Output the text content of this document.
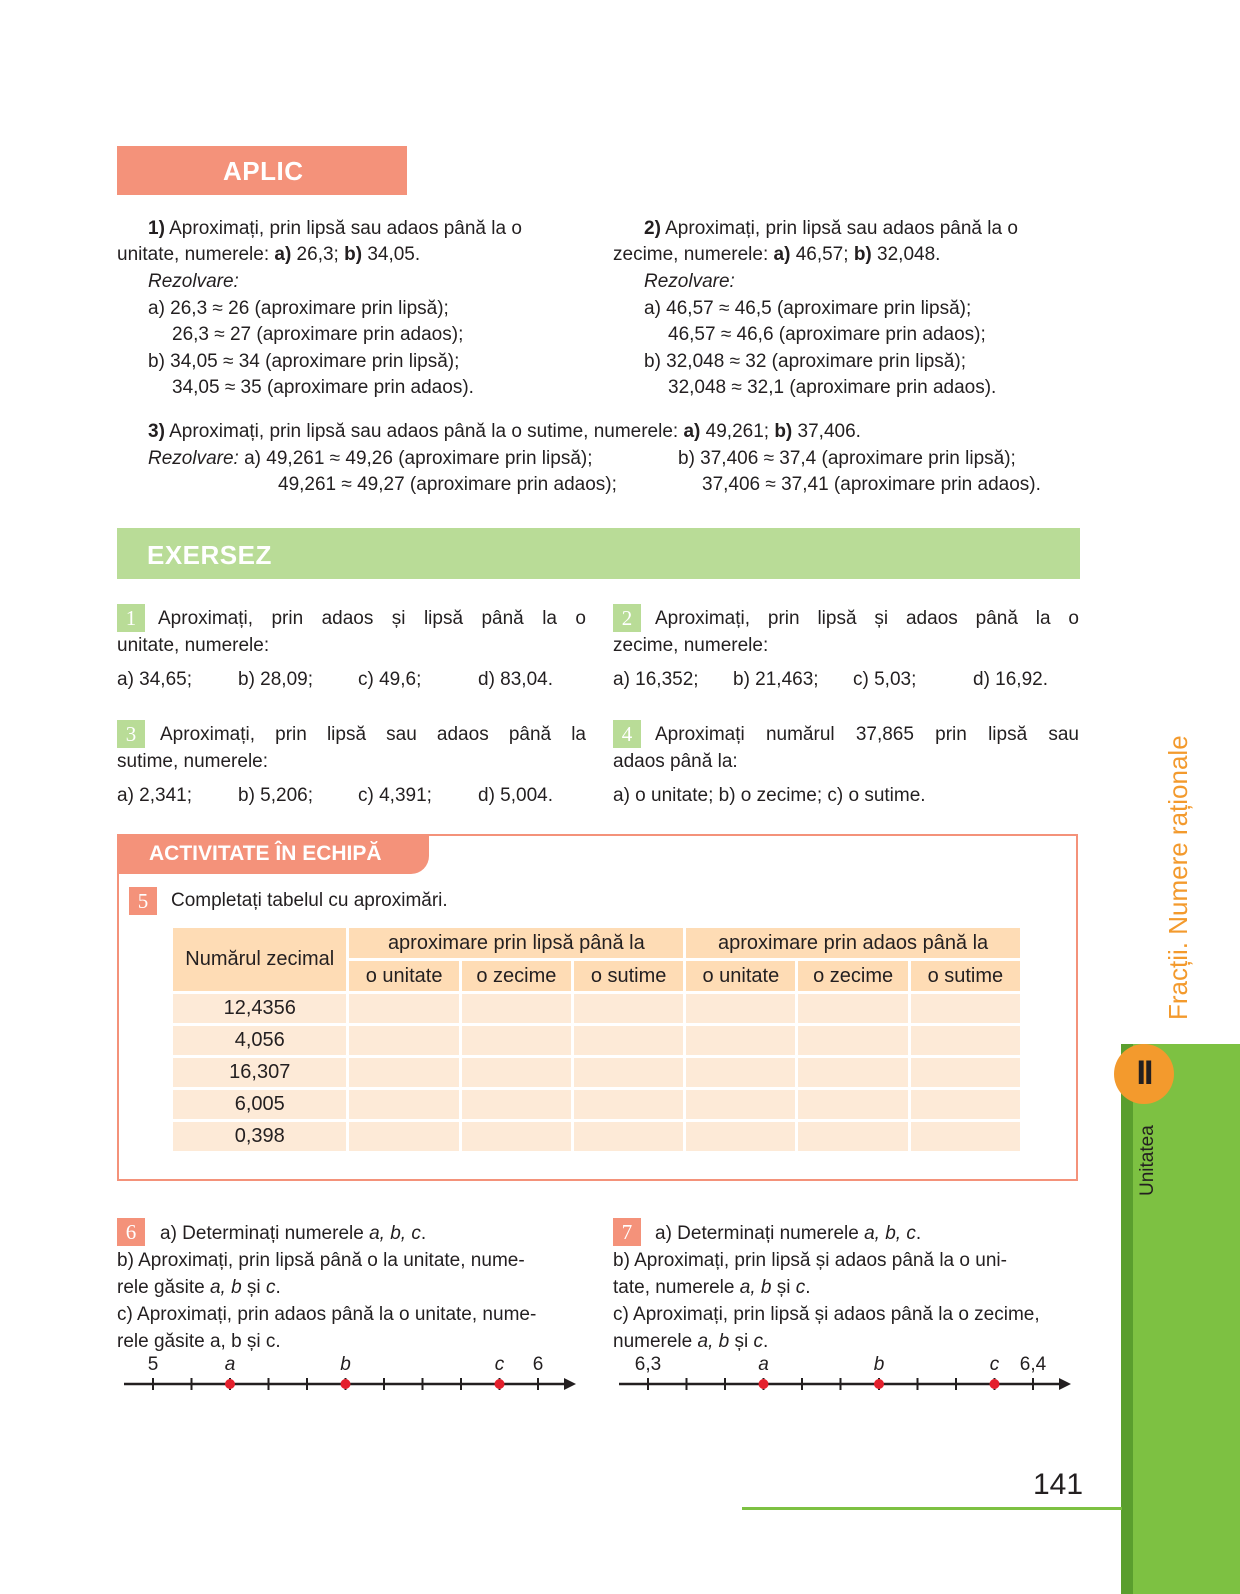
APLIC
1) Aproximați, prin lipsă sau adaos până la o
unitate, numerele: a) 26,3; b) 34,05.
Rezolvare:
a) 26,3 ≈ 26 (aproximare prin lipsă);
26,3 ≈ 27 (aproximare prin adaos);
b) 34,05 ≈ 34 (aproximare prin lipsă);
34,05 ≈ 35 (aproximare prin adaos).
2) Aproximați, prin lipsă sau adaos până la o
zecime, numerele: a) 46,57; b) 32,048.
Rezolvare:
a) 46,57 ≈ 46,5 (aproximare prin lipsă);
46,57 ≈ 46,6 (aproximare prin adaos);
b) 32,048 ≈ 32 (aproximare prin lipsă);
32,048 ≈ 32,1 (aproximare prin adaos).
3) Aproximați, prin lipsă sau adaos până la o sutime, numerele: a) 49,261; b) 37,406.
Rezolvare: a) 49,261 ≈ 49,26 (aproximare prin lipsă);	b) 37,406 ≈ 37,4 (aproximare prin lipsă);
49,261 ≈ 49,27 (aproximare prin adaos);	37,406 ≈ 37,41 (aproximare prin adaos).
EXERSEZ
1	Aproximați, prin adaos și lipsă până la o
unitate, numerele:
a) 34,65; b) 28,09; c) 49,6;	d) 83,04.
2	Aproximați, prin lipsă și adaos până la o
zecime, numerele:
a) 16,352; b) 21,463; c) 5,03;	d) 16,92.
3	Aproximați, prin lipsă sau adaos până la
sutime, numerele:
a) 2,341; b) 5,206; c) 4,391; d) 5,004.
4	Aproximați numărul 37,865 prin lipsă sau
adaos până la:
a) o unitate; b) o zecime; c) o sutime.
ACTIVITATE ÎN ECHIPĂ
5	Completați tabelul cu aproximări.
Numărul zecimal	aproximare prin lipsă până la			aproximare prin adaos până la		
	o unitate	o zecime	o sutime	o unitate	o zecime	o sutime
12,4356						
4,056						
16,307						
6,005						
0,398						
6	a) Determinați numerele a, b, c.
b) Aproximați, prin lipsă până o la unitate, nume-
rele găsite a, b și c.
c) Aproximați, prin adaos până la o unitate, nume-
rele găsite a, b și c.
5	6
a	b	c
7	a) Determinați numerele a, b, c.
b) Aproximați, prin lipsă și adaos până la o uni-
tate, numerele a, b și c.
c) Aproximați, prin lipsă și adaos până la o zecime,
numerele a, b și c.
6,3	6,4
a	b	c
Fracții. Numere raționale
Unitatea
II
141
